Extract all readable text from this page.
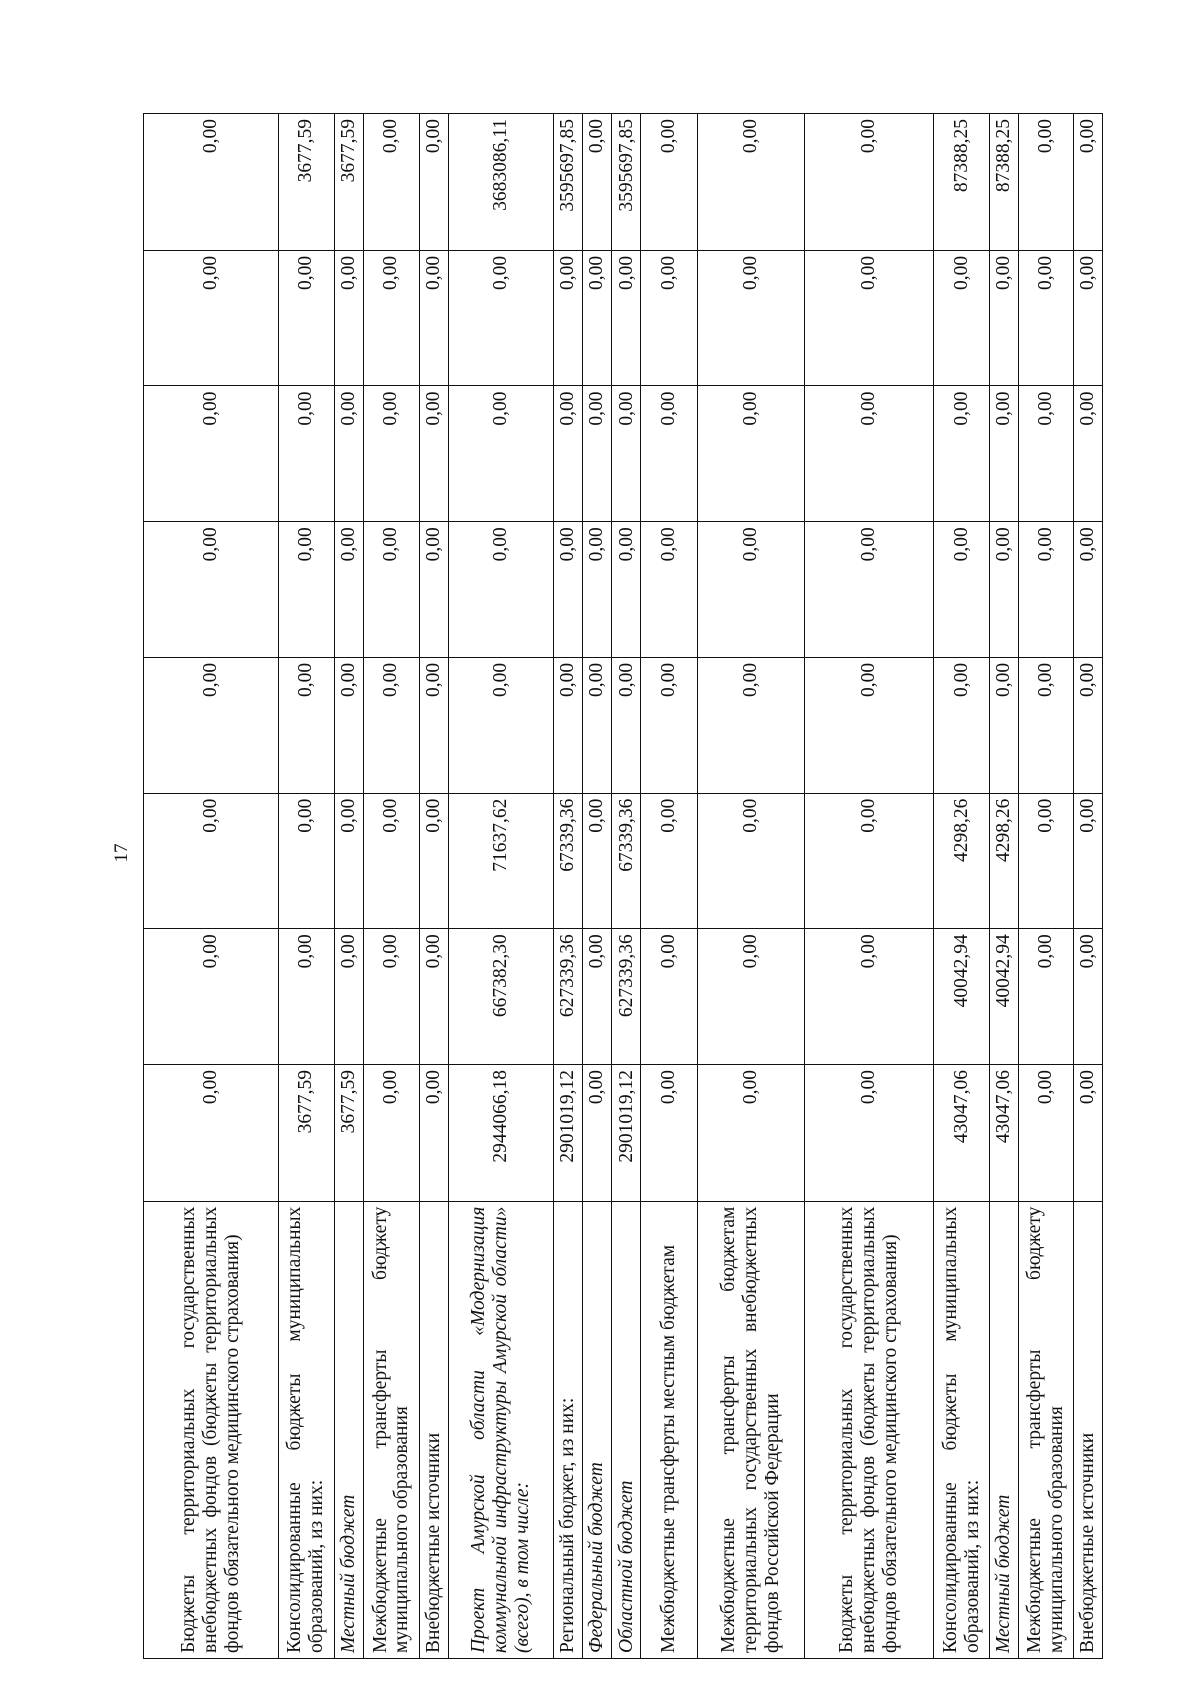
17
Бюджеты территориальных государственных внебюджетных фондов (бюджеты территориальных фондов обязательного медицинского страхования)	0,00	0,00	0,00	0,00	0,00	0,00	0,00	0,00
Консолидированные бюджеты муниципальных образований, из них:	3677,59	0,00	0,00	0,00	0,00	0,00	0,00	3677,59
Местный бюджет	3677,59	0,00	0,00	0,00	0,00	0,00	0,00	3677,59
Межбюджетные трансферты бюджету муниципального образования	0,00	0,00	0,00	0,00	0,00	0,00	0,00	0,00
Внебюджетные источники	0,00	0,00	0,00	0,00	0,00	0,00	0,00	0,00
Проект Амурской области «Модернизация коммунальной инфраструктуры Амурской области» (всего), в том числе:	2944066,18	667382,30	71637,62	0,00	0,00	0,00	0,00	3683086,11
Региональный бюджет, из них:	2901019,12	627339,36	67339,36	0,00	0,00	0,00	0,00	3595697,85
Федеральный бюджет	0,00	0,00	0,00	0,00	0,00	0,00	0,00	0,00
Областной бюджет	2901019,12	627339,36	67339,36	0,00	0,00	0,00	0,00	3595697,85
Межбюджетные трансферты местным бюджетам	0,00	0,00	0,00	0,00	0,00	0,00	0,00	0,00
Межбюджетные трансферты бюджетам территориальных государственных внебюджетных фондов Российской Федерации	0,00	0,00	0,00	0,00	0,00	0,00	0,00	0,00
Бюджеты территориальных государственных внебюджетных фондов (бюджеты территориальных фондов обязательного медицинского страхования)	0,00	0,00	0,00	0,00	0,00	0,00	0,00	0,00
Консолидированные бюджеты муниципальных образований, из них:	43047,06	40042,94	4298,26	0,00	0,00	0,00	0,00	87388,25
Местный бюджет	43047,06	40042,94	4298,26	0,00	0,00	0,00	0,00	87388,25
Межбюджетные трансферты бюджету муниципального образования	0,00	0,00	0,00	0,00	0,00	0,00	0,00	0,00
Внебюджетные источники	0,00	0,00	0,00	0,00	0,00	0,00	0,00	0,00
